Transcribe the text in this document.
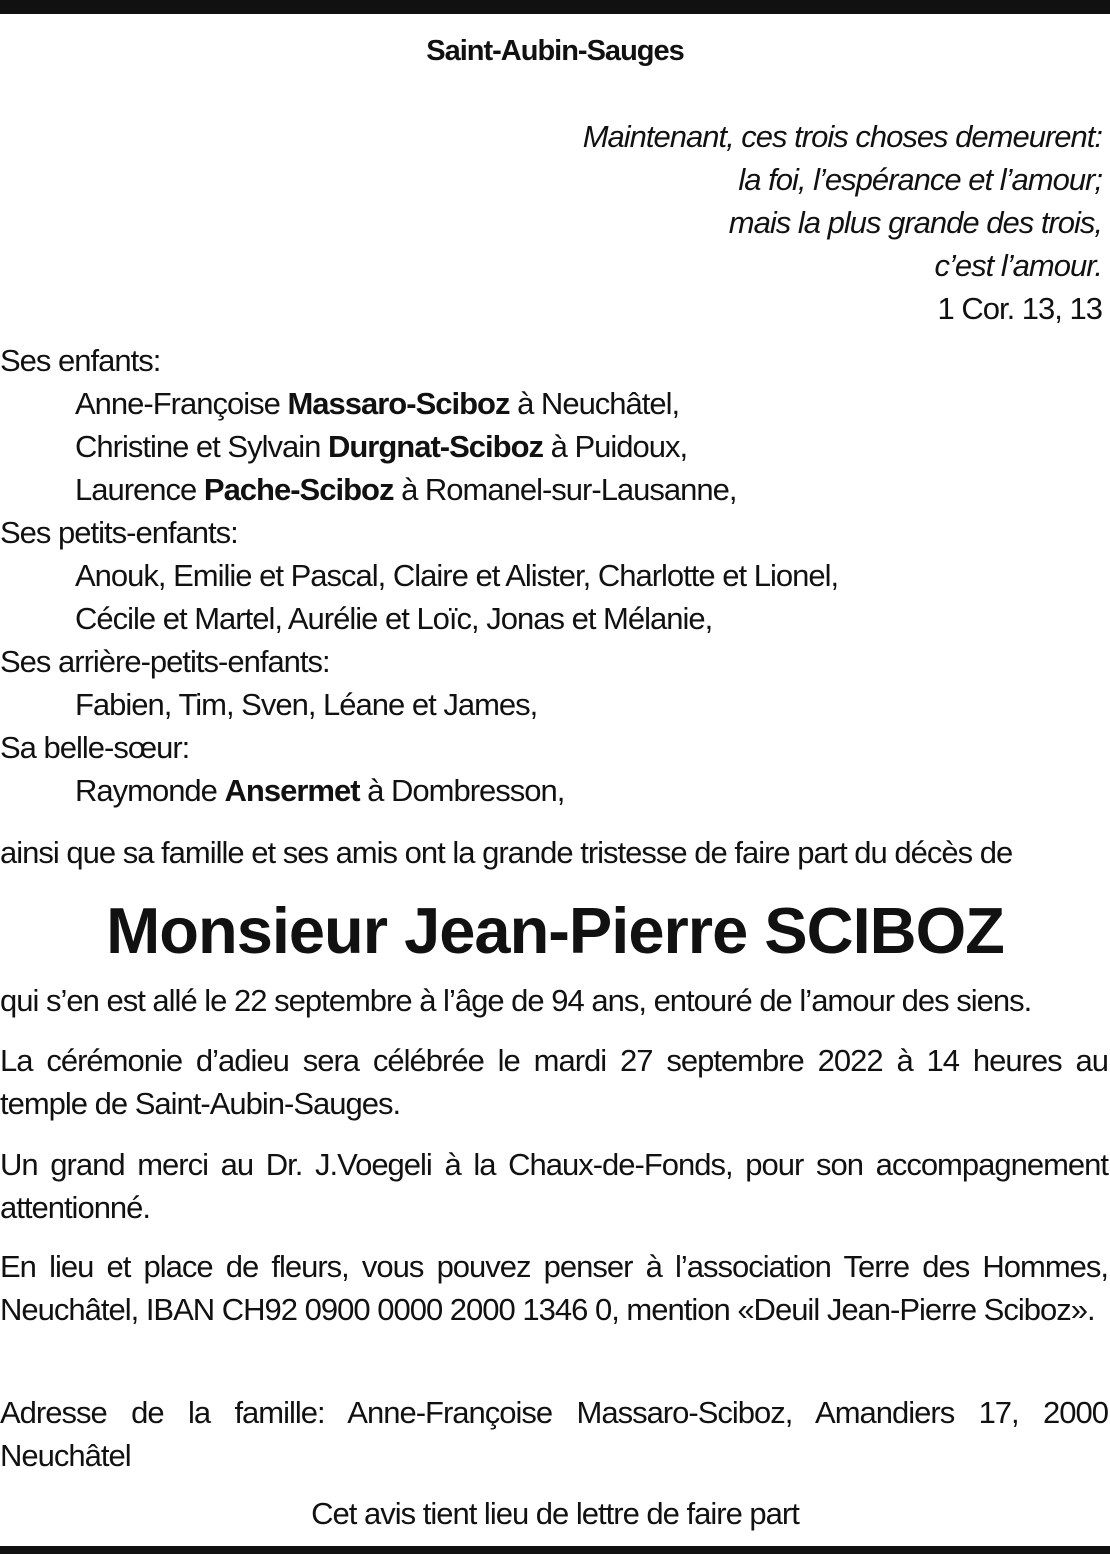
Saint-Aubin-Sauges
Maintenant, ces trois choses demeurent:
la foi, l’espérance et l’amour;
mais la plus grande des trois,
c’est l’amour.
1 Cor. 13, 13
Ses enfants:
Anne-Françoise Massaro-Sciboz à Neuchâtel,
Christine et Sylvain Durgnat-Sciboz à Puidoux,
Laurence Pache-Sciboz à Romanel-sur-Lausanne,
Ses petits-enfants:
Anouk, Emilie et Pascal, Claire et Alister, Charlotte et Lionel,
Cécile et Martel, Aurélie et Loïc, Jonas et Mélanie,
Ses arrière-petits-enfants:
Fabien, Tim, Sven, Léane et James,
Sa belle-sœur:
Raymonde Ansermet à Dombresson,

ainsi que sa famille et ses amis ont la grande tristesse de faire part du décès de

Monsieur Jean-Pierre SCIBOZ

qui s’en est allé le 22 septembre à l’âge de 94 ans, entouré de l’amour des siens.

La cérémonie d’adieu sera célébrée le mardi 27 septembre 2022 à 14 heures au temple de Saint-Aubin-Sauges.

Un grand merci au Dr. J.Voegeli à la Chaux-de-Fonds, pour son accompagnement attentionné.

En lieu et place de fleurs, vous pouvez penser à l’association Terre des Hommes, Neuchâtel, IBAN CH92 0900 0000 2000 1346 0, mention «Deuil Jean-Pierre Sciboz».

Adresse de la famille: Anne-Françoise Massaro-Sciboz, Amandiers 17, 2000 Neuchâtel

Cet avis tient lieu de lettre de faire part
